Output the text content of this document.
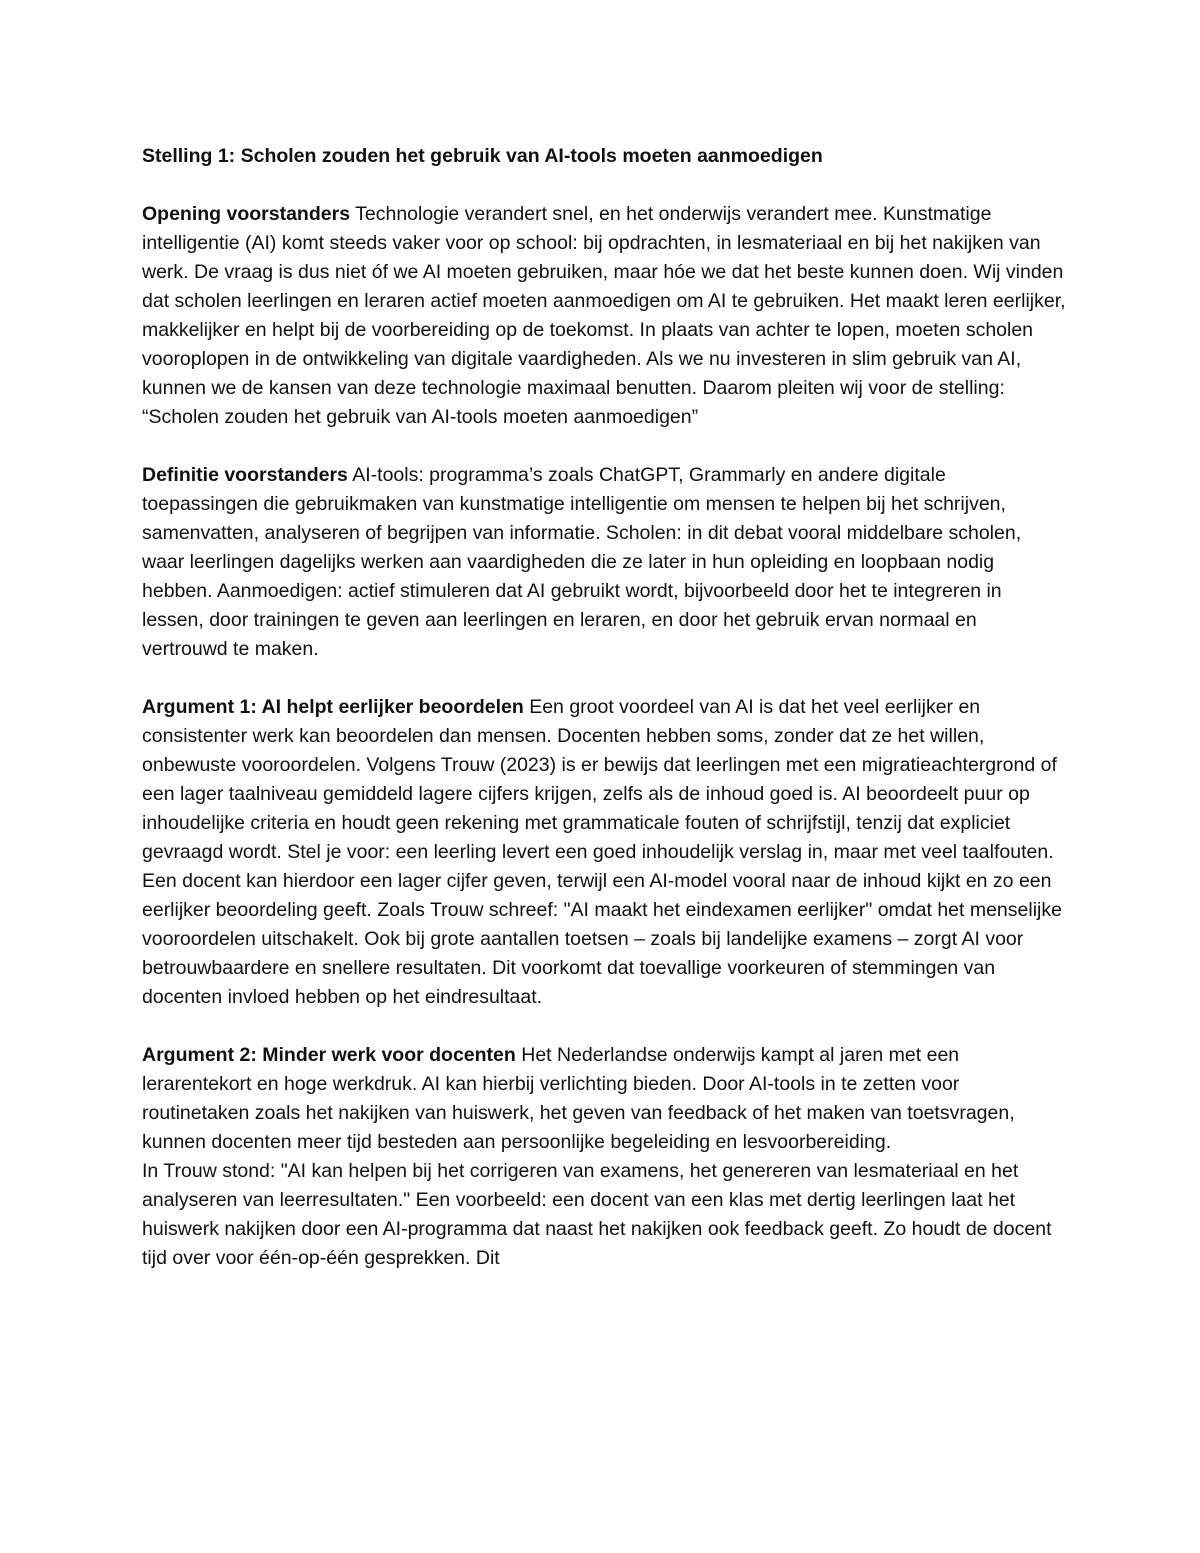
Stelling 1: Scholen zouden het gebruik van AI-tools moeten aanmoedigen

Opening voorstanders Technologie verandert snel, en het onderwijs verandert mee. Kunstmatige intelligentie (AI) komt steeds vaker voor op school: bij opdrachten, in lesmateriaal en bij het nakijken van werk. De vraag is dus niet óf we AI moeten gebruiken, maar hóe we dat het beste kunnen doen. Wij vinden dat scholen leerlingen en leraren actief moeten aanmoedigen om AI te gebruiken. Het maakt leren eerlijker, makkelijker en helpt bij de voorbereiding op de toekomst. In plaats van achter te lopen, moeten scholen vooroplopen in de ontwikkeling van digitale vaardigheden. Als we nu investeren in slim gebruik van AI, kunnen we de kansen van deze technologie maximaal benutten. Daarom pleiten wij voor de stelling: “Scholen zouden het gebruik van AI-tools moeten aanmoedigen”

Definitie voorstanders AI-tools: programma’s zoals ChatGPT, Grammarly en andere digitale toepassingen die gebruikmaken van kunstmatige intelligentie om mensen te helpen bij het schrijven, samenvatten, analyseren of begrijpen van informatie. Scholen: in dit debat vooral middelbare scholen, waar leerlingen dagelijks werken aan vaardigheden die ze later in hun opleiding en loopbaan nodig hebben. Aanmoedigen: actief stimuleren dat AI gebruikt wordt, bijvoorbeeld door het te integreren in lessen, door trainingen te geven aan leerlingen en leraren, en door het gebruik ervan normaal en vertrouwd te maken.

Argument 1: AI helpt eerlijker beoordelen Een groot voordeel van AI is dat het veel eerlijker en consistenter werk kan beoordelen dan mensen. Docenten hebben soms, zonder dat ze het willen, onbewuste vooroordelen. Volgens Trouw (2023) is er bewijs dat leerlingen met een migratieachtergrond of een lager taalniveau gemiddeld lagere cijfers krijgen, zelfs als de inhoud goed is. AI beoordeelt puur op inhoudelijke criteria en houdt geen rekening met grammaticale fouten of schrijfstijl, tenzij dat expliciet gevraagd wordt. Stel je voor: een leerling levert een goed inhoudelijk verslag in, maar met veel taalfouten. Een docent kan hierdoor een lager cijfer geven, terwijl een AI-model vooral naar de inhoud kijkt en zo een eerlijker beoordeling geeft. Zoals Trouw schreef: "AI maakt het eindexamen eerlijker" omdat het menselijke vooroordelen uitschakelt. Ook bij grote aantallen toetsen – zoals bij landelijke examens – zorgt AI voor betrouwbaardere en snellere resultaten. Dit voorkomt dat toevallige voorkeuren of stemmingen van docenten invloed hebben op het eindresultaat.

Argument 2: Minder werk voor docenten Het Nederlandse onderwijs kampt al jaren met een lerarentekort en hoge werkdruk. AI kan hierbij verlichting bieden. Door AI-tools in te zetten voor routinetaken zoals het nakijken van huiswerk, het geven van feedback of het maken van toetsvragen, kunnen docenten meer tijd besteden aan persoonlijke begeleiding en lesvoorbereiding.

In Trouw stond: "AI kan helpen bij het corrigeren van examens, het genereren van lesmateriaal en het analyseren van leerresultaten." Een voorbeeld: een docent van een klas met dertig leerlingen laat het huiswerk nakijken door een AI-programma dat naast het nakijken ook feedback geeft. Zo houdt de docent tijd over voor één-op-één gesprekken. Dit
